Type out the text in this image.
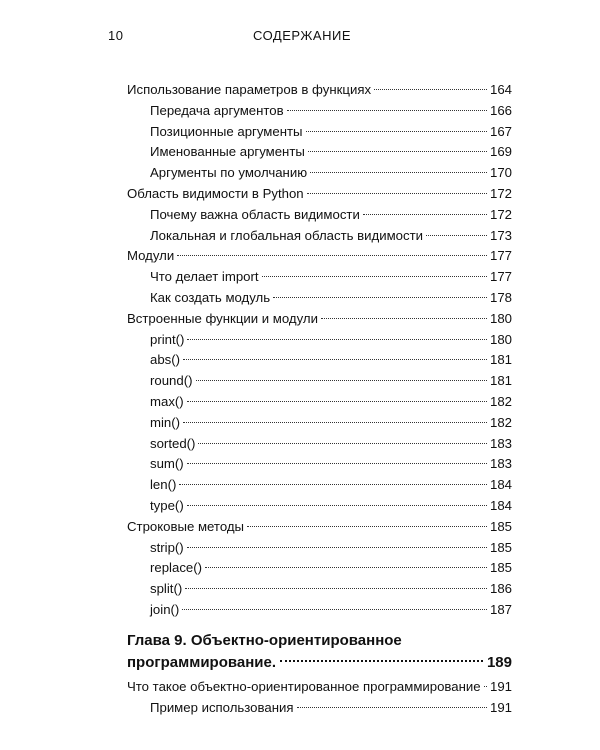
10	СОДЕРЖАНИЕ
Использование параметров в функциях	164
Передача аргументов	166
Позиционные аргументы	167
Именованные аргументы	169
Аргументы по умолчанию	170
Область видимости в Python	172
Почему важна область видимости	172
Локальная и глобальная область видимости	173
Модули	177
Что делает import	177
Как создать модуль	178
Встроенные функции и модули	180
print()	180
abs()	181
round()	181
max()	182
min()	182
sorted()	183
sum()	183
len()	184
type()	184
Строковые методы	185
strip()	185
replace()	185
split()	186
join()	187
Глава 9. Объектно-ориентированное
программирование.	189
Что такое объектно-ориентированное программирование 191
Пример использования	191
